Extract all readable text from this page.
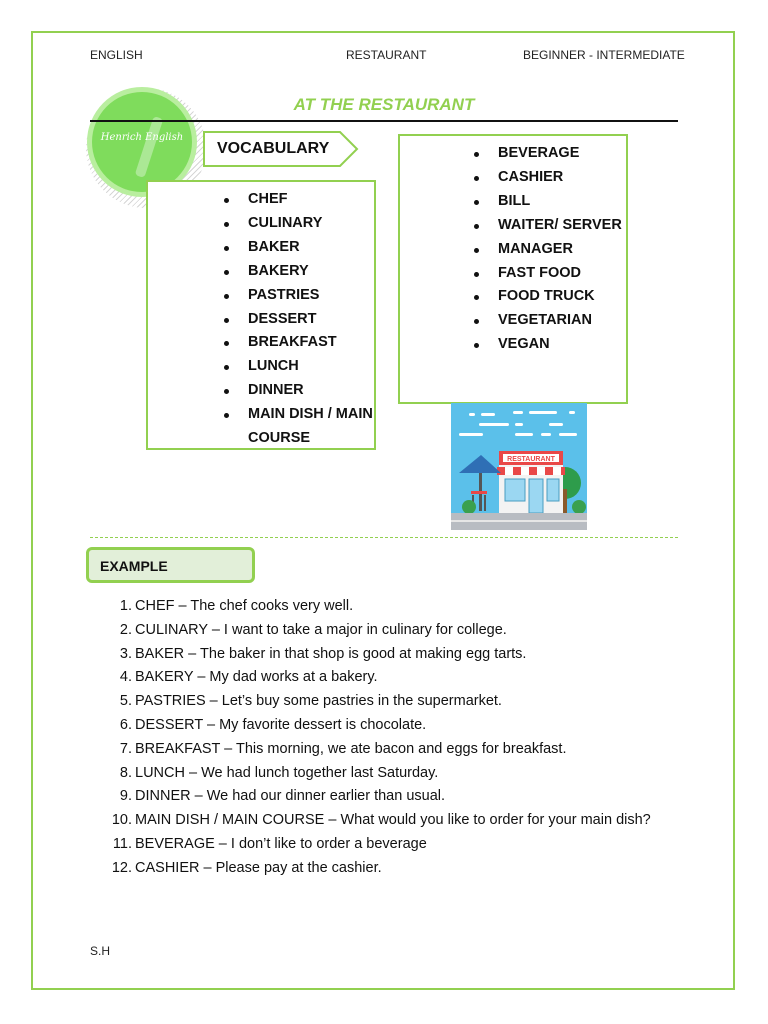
ENGLISH	RESTAURANT	BEGINNER - INTERMEDIATE
Henrich English
AT THE RESTAURANT
CHEF
CULINARY
BAKER
BAKERY
PASTRIES
DESSERT
BREAKFAST
LUNCH
DINNER
MAIN DISH / MAIN COURSE
VOCABULARY	BEVERAGE
CASHIER
BILL
WAITER/ SERVER
MANAGER
FAST FOOD
FOOD TRUCK
VEGETARIAN
VEGAN
RESTAURANT
EXAMPLE
1. CHEF – The chef cooks very well.
2. CULINARY – I want to take a major in culinary for college.
3. BAKER – The baker in that shop is good at making egg tarts.
4. BAKERY – My dad works at a bakery.
5. PASTRIES – Let’s buy some pastries in the supermarket.
6. DESSERT – My favorite dessert is chocolate.
7. BREAKFAST – This morning, we ate bacon and eggs for breakfast.
8. LUNCH – We had lunch together last Saturday.
9. DINNER – We had our dinner earlier than usual.
10. MAIN DISH / MAIN COURSE – What would you like to order for your main dish?
11. BEVERAGE – I don’t like to order a beverage
12. CASHIER – Please pay at the cashier.
S.H
